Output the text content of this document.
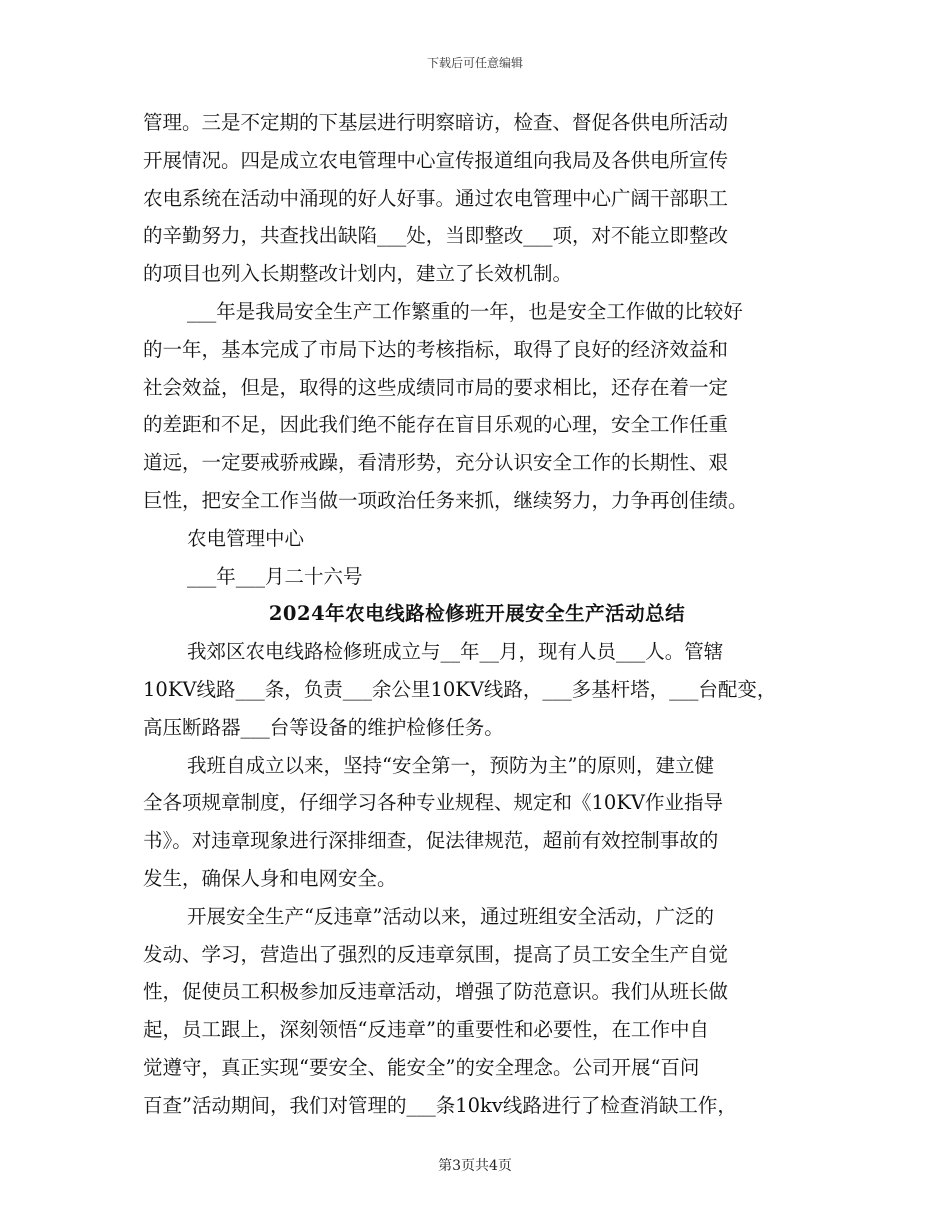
下载后可任意编辑
管理。三是不定期的下基层进行明察暗访，检查、督促各供电所活动
开展情况。四是成立农电管理中心宣传报道组向我局及各供电所宣传
农电系统在活动中涌现的好人好事。通过农电管理中心广阔干部职工
的辛勤努力，共查找出缺陷___处，当即整改___项，对不能立即整改
的项目也列入长期整改计划内，建立了长效机制。
___年是我局安全生产工作繁重的一年，也是安全工作做的比较好
的一年，基本完成了市局下达的考核指标，取得了良好的经济效益和
社会效益，但是，取得的这些成绩同市局的要求相比，还存在着一定
的差距和不足，因此我们绝不能存在盲目乐观的心理，安全工作任重
道远，一定要戒骄戒躁，看清形势，充分认识安全工作的长期性、艰
巨性，把安全工作当做一项政治任务来抓，继续努力，力争再创佳绩。
农电管理中心
___年___月二十六号
2024年农电线路检修班开展安全生产活动总结
我郊区农电线路检修班成立与__年__月，现有人员___人。管辖
10KV线路___条，负责___余公里10KV线路，___多基杆塔，___台配变，
高压断路器___台等设备的维护检修任务。
我班自成立以来，坚持“安全第一，预防为主”的原则，建立健
全各项规章制度，仔细学习各种专业规程、规定和《10KV作业指导
书》。对违章现象进行深排细查，促法律规范，超前有效控制事故的
发生，确保人身和电网安全。
开展安全生产“反违章”活动以来，通过班组安全活动，广泛的
发动、学习，营造出了强烈的反违章氛围，提高了员工安全生产自觉
性，促使员工积极参加反违章活动，增强了防范意识。我们从班长做
起，员工跟上，深刻领悟“反违章”的重要性和必要性，在工作中自
觉遵守，真正实现“要安全、能安全”的安全理念。公司开展“百问
百查”活动期间，我们对管理的___条10kv线路进行了检查消缺工作，
第3页共4页
